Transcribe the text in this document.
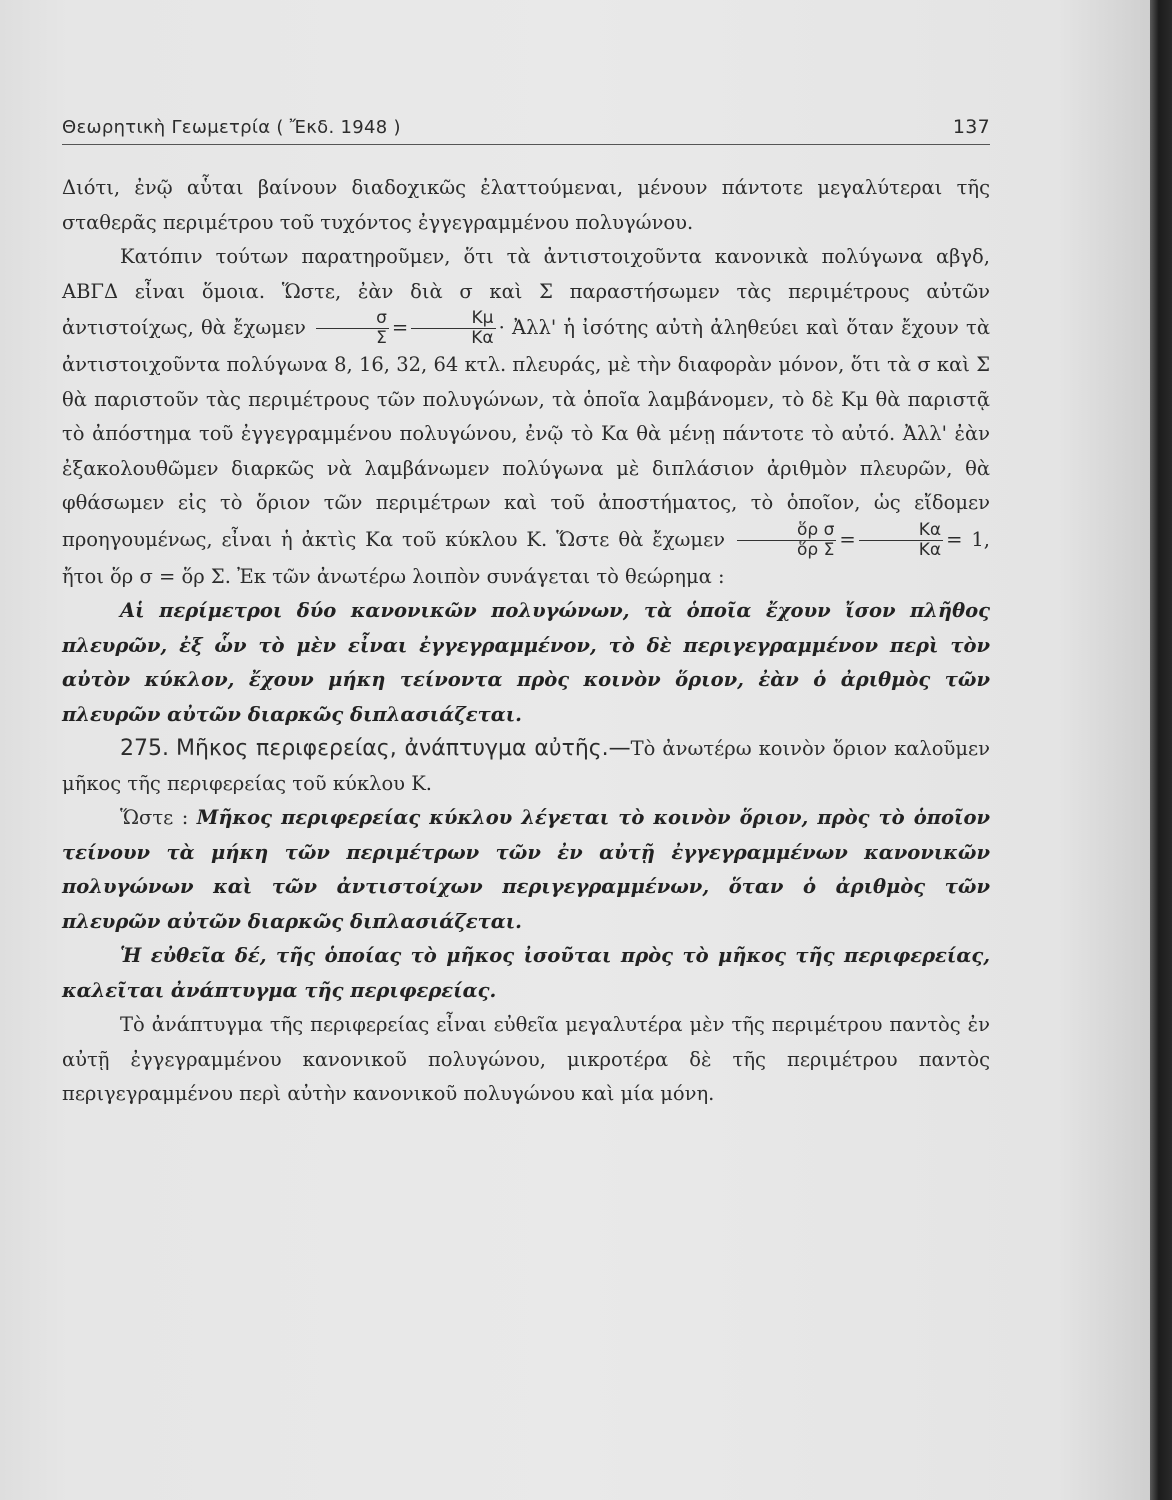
Θεωρητικὴ Γεωμετρία ( Ἔκδ. 1948 )	137

Διότι, ἐνῷ αὗται βαίνουν διαδοχικῶς ἐλαττούμεναι, μένουν πάντοτε μεγαλύτεραι τῆς σταθερᾶς περιμέτρου τοῦ τυχόντος ἐγγεγραμμένου πολυγώνου.

Κατόπιν τούτων παρατηροῦμεν, ὅτι τὰ ἀντιστοιχοῦντα κανονικὰ πολύγωνα αβγδ, ΑΒΓΔ εἶναι ὅμοια. Ὥστε, ἐὰν διὰ σ καὶ Σ παραστήσωμεν τὰς περιμέτρους αὐτῶν ἀντιστοίχως, θὰ ἔχωμεν $\frac{\sigma}{\Sigma} = \frac{K\mu}{K\alpha}$ · Ἀλλ' ἡ ἰσότης αὐτὴ ἀληθεύει καὶ ὅταν ἔχουν τὰ ἀντιστοιχοῦντα πολύγωνα 8, 16, 32, 64 κτλ. πλευράς, μὲ τὴν διαφορὰν μόνον, ὅτι τὰ σ καὶ Σ θὰ παριστοῦν τὰς περιμέτρους τῶν πολυγώνων, τὰ ὁποῖα λαμβάνομεν, τὸ δὲ Κμ θὰ παριστᾷ τὸ ἀπόστημα τοῦ ἐγγεγραμμένου πολυγώνου, ἐνῷ τὸ Κα θὰ μένῃ πάντοτε τὸ αὐτό. Ἀλλ' ἐὰν ἐξακολουθῶμεν διαρκῶς νὰ λαμβάνωμεν πολύγωνα μὲ διπλάσιον ἀριθμὸν πλευρῶν, θὰ φθάσωμεν εἰς τὸ ὅριον τῶν περιμέτρων καὶ τοῦ ἀποστήματος, τὸ ὁποῖον, ὡς εἴδομεν προηγουμένως, εἶναι ἡ ἀκτὶς Κα τοῦ κύκλου Κ. Ὥστε θὰ ἔχωμεν $\frac{\text{ὅρ σ}}{\text{ὅρ Σ}} = \frac{K\alpha}{K\alpha} = 1$, ἤτοι ὅρ σ = ὅρ Σ. Ἐκ τῶν ἀνωτέρω λοιπὸν συνάγεται τὸ θεώρημα :

Αἱ περίμετροι δύο κανονικῶν πολυγώνων, τὰ ὁποῖα ἔχουν ἴσον πλῆθος πλευρῶν, ἐξ ὧν τὸ μὲν εἶναι ἐγγεγραμμένον, τὸ δὲ περιγεγραμμένον περὶ τὸν αὐτὸν κύκλον, ἔχουν μήκη τείνοντα πρὸς κοινὸν ὅριον, ἐὰν ὁ ἀριθμὸς τῶν πλευρῶν αὐτῶν διαρκῶς διπλασιάζεται.

275. Μῆκος περιφερείας, ἀνάπτυγμα αὐτῆς.—Τὸ ἀνωτέρω κοινὸν ὅριον καλοῦμεν μῆκος τῆς περιφερείας τοῦ κύκλου Κ.

Ὥστε : Μῆκος περιφερείας κύκλου λέγεται τὸ κοινὸν ὅριον, πρὸς τὸ ὁποῖον τείνουν τὰ μήκη τῶν περιμέτρων τῶν ἐν αὐτῇ ἐγγεγραμμένων κανονικῶν πολυγώνων καὶ τῶν ἀντιστοίχων περιγεγραμμένων, ὅταν ὁ ἀριθμὸς τῶν πλευρῶν αὐτῶν διαρκῶς διπλασιάζεται.

Ἡ εὐθεῖα δέ, τῆς ὁποίας τὸ μῆκος ἰσοῦται πρὸς τὸ μῆκος τῆς περιφερείας, καλεῖται ἀνάπτυγμα τῆς περιφερείας.

Τὸ ἀνάπτυγμα τῆς περιφερείας εἶναι εὐθεῖα μεγαλυτέρα μὲν τῆς περιμέτρου παντὸς ἐν αὐτῇ ἐγγεγραμμένου κανονικοῦ πολυγώνου, μικροτέρα δὲ τῆς περιμέτρου παντὸς περιγεγραμμένου περὶ αὐτὴν κανονικοῦ πολυγώνου καὶ μία μόνη.
